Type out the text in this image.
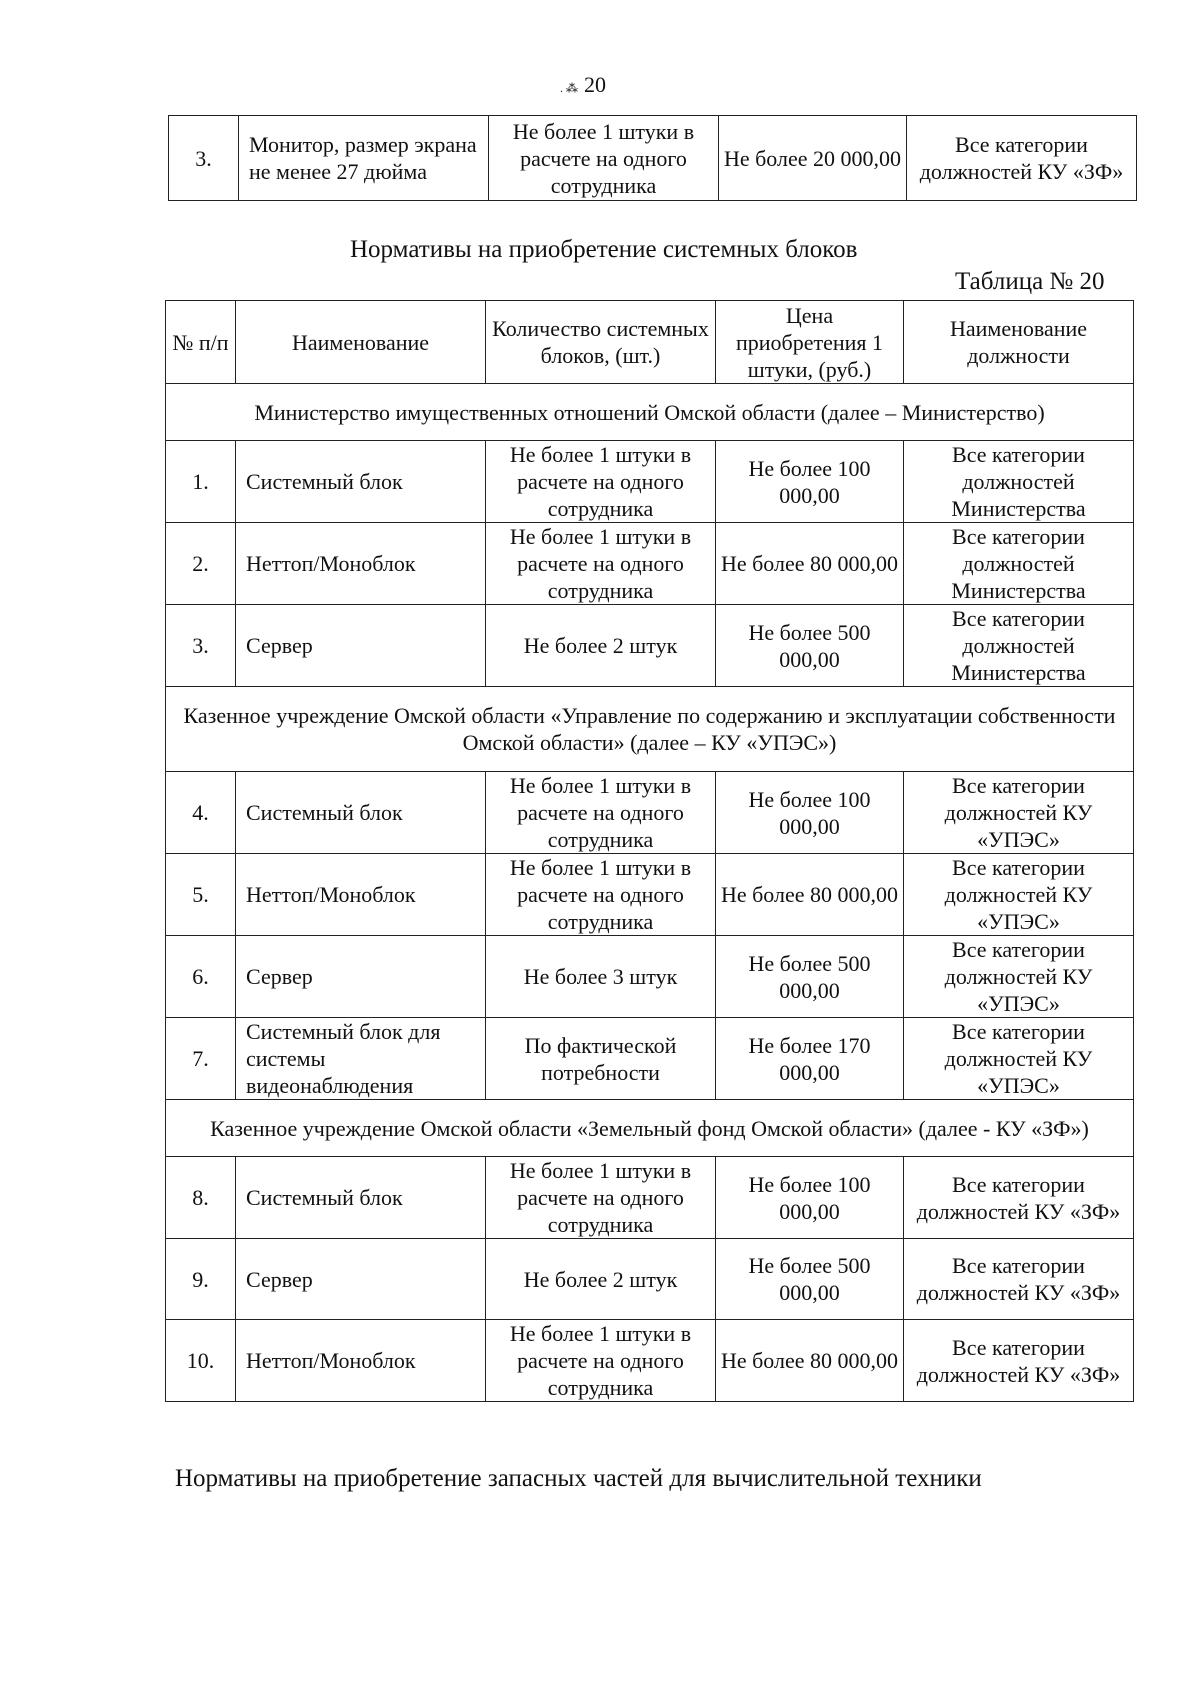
. ⁂ 20
3.	Монитор, размер экрана не менее 27 дюйма	Не более 1 штуки в расчете на одного сотрудника	Не более 20 000,00	Все категории должностей КУ «ЗФ»
Нормативы на приобретение системных блоков
Таблица № 20
№ п/п	Наименование	Количество системных блоков, (шт.)	Цена приобретения 1 штуки, (руб.)	Наименование должности
Министерство имущественных отношений Омской области (далее – Министерство)				
1.	Системный блок	Не более 1 штуки в расчете на одного сотрудника	Не более 100 000,00	Все категории должностей Министерства
2.	Неттоп/Моноблок	Не более 1 штуки в расчете на одного сотрудника	Не более 80 000,00	Все категории должностей Министерства
3.	Сервер	Не более 2 штук	Не более 500 000,00	Все категории должностей Министерства
Казенное учреждение Омской области «Управление по содержанию и эксплуатации собственности Омской области» (далее – КУ «УПЭС»)				
4.	Системный блок	Не более 1 штуки в расчете на одного сотрудника	Не более 100 000,00	Все категории должностей КУ «УПЭС»
5.	Неттоп/Моноблок	Не более 1 штуки в расчете на одного сотрудника	Не более 80 000,00	Все категории должностей КУ «УПЭС»
6.	Сервер	Не более 3 штук	Не более 500 000,00	Все категории должностей КУ «УПЭС»
7.	Системный блок для системы видеонаблюдения	По фактической потребности	Не более 170 000,00	Все категории должностей КУ «УПЭС»
Казенное учреждение Омской области «Земельный фонд Омской области» (далее - КУ «ЗФ»)				
8.	Системный блок	Не более 1 штуки в расчете на одного сотрудника	Не более 100 000,00	Все категории должностей КУ «ЗФ»
9.	Сервер	Не более 2 штук	Не более 500 000,00	Все категории должностей КУ «ЗФ»
10.	Неттоп/Моноблок	Не более 1 штуки в расчете на одного сотрудника	Не более 80 000,00	Все категории должностей КУ «ЗФ»
Нормативы на приобретение запасных частей для вычислительной техники
